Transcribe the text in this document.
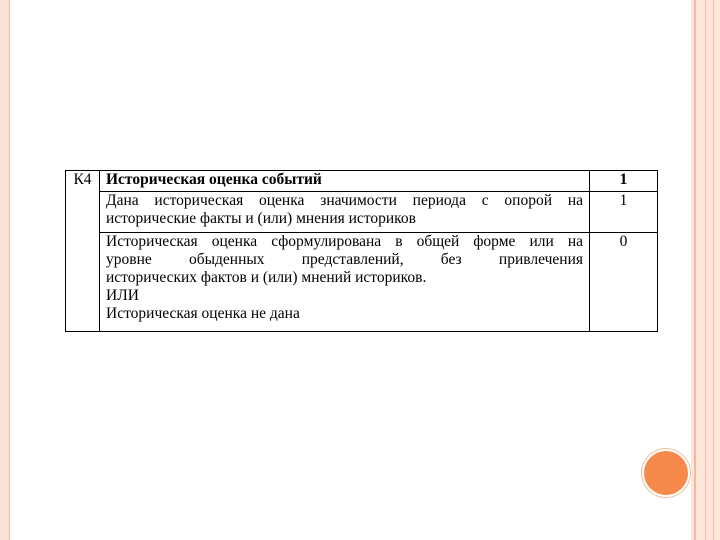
К4	Историческая оценка событий	1

	Дана историческая оценка значимости периода с опорой на
исторические факты и (или) мнения историков	1

	Историческая оценка сформулирована в общей форме или на
уровне обыденных представлений, без привлечения
исторических фактов и (или) мнений историков.
ИЛИ
Историческая оценка не дана	0
